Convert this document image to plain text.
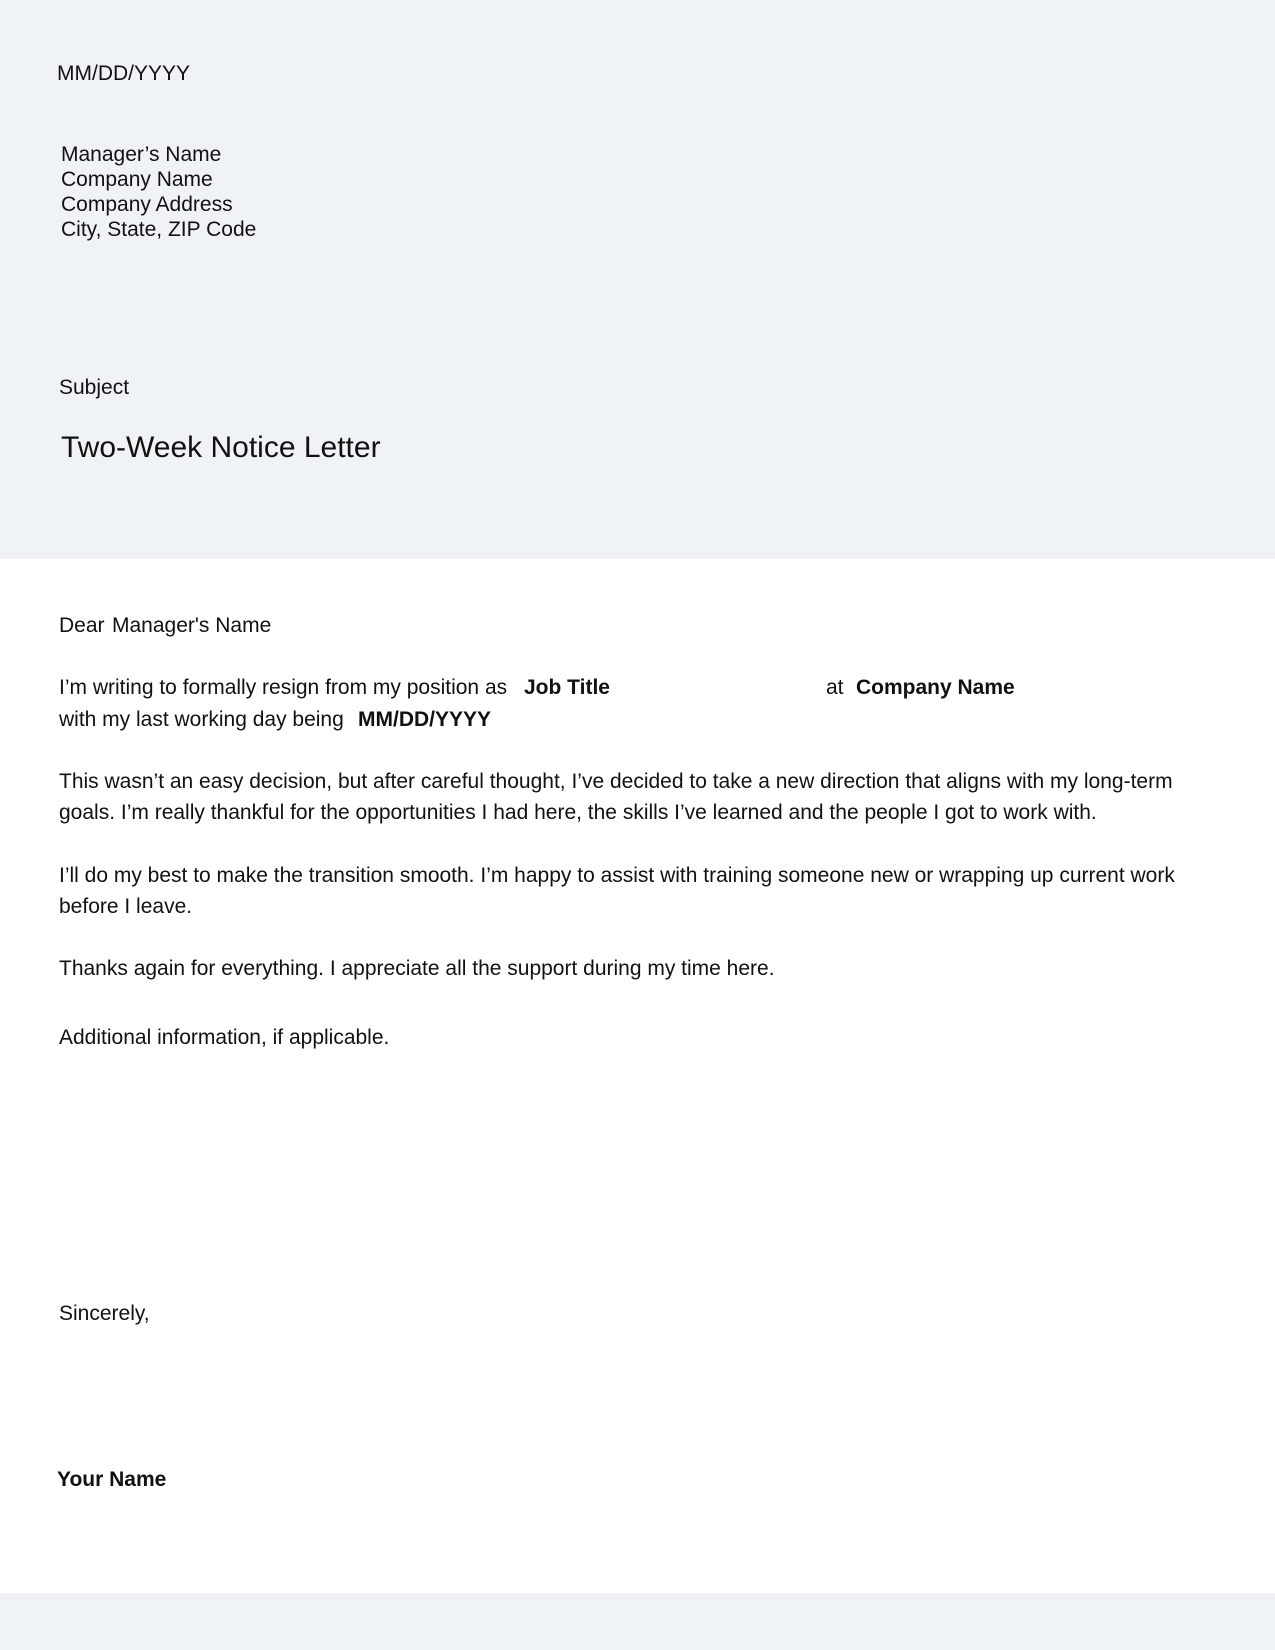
MM/DD/YYYY
Manager’s Name
Company Name
Company Address
City, State, ZIP Code
Subject
Two-Week Notice Letter
Dear Manager's Name
I’m writing to formally resign from my position as Job Title	at Company Name
with my last working day being MM/DD/YYYY
This wasn’t an easy decision, but after careful thought, I’ve decided to take a new direction that aligns with my long-term goals. I’m really thankful for the opportunities I had here, the skills I’ve learned and the people I got to work with.
I’ll do my best to make the transition smooth. I’m happy to assist with training someone new or wrapping up current work before I leave.
Thanks again for everything. I appreciate all the support during my time here.
Additional information, if applicable.
Sincerely,
Your Name
